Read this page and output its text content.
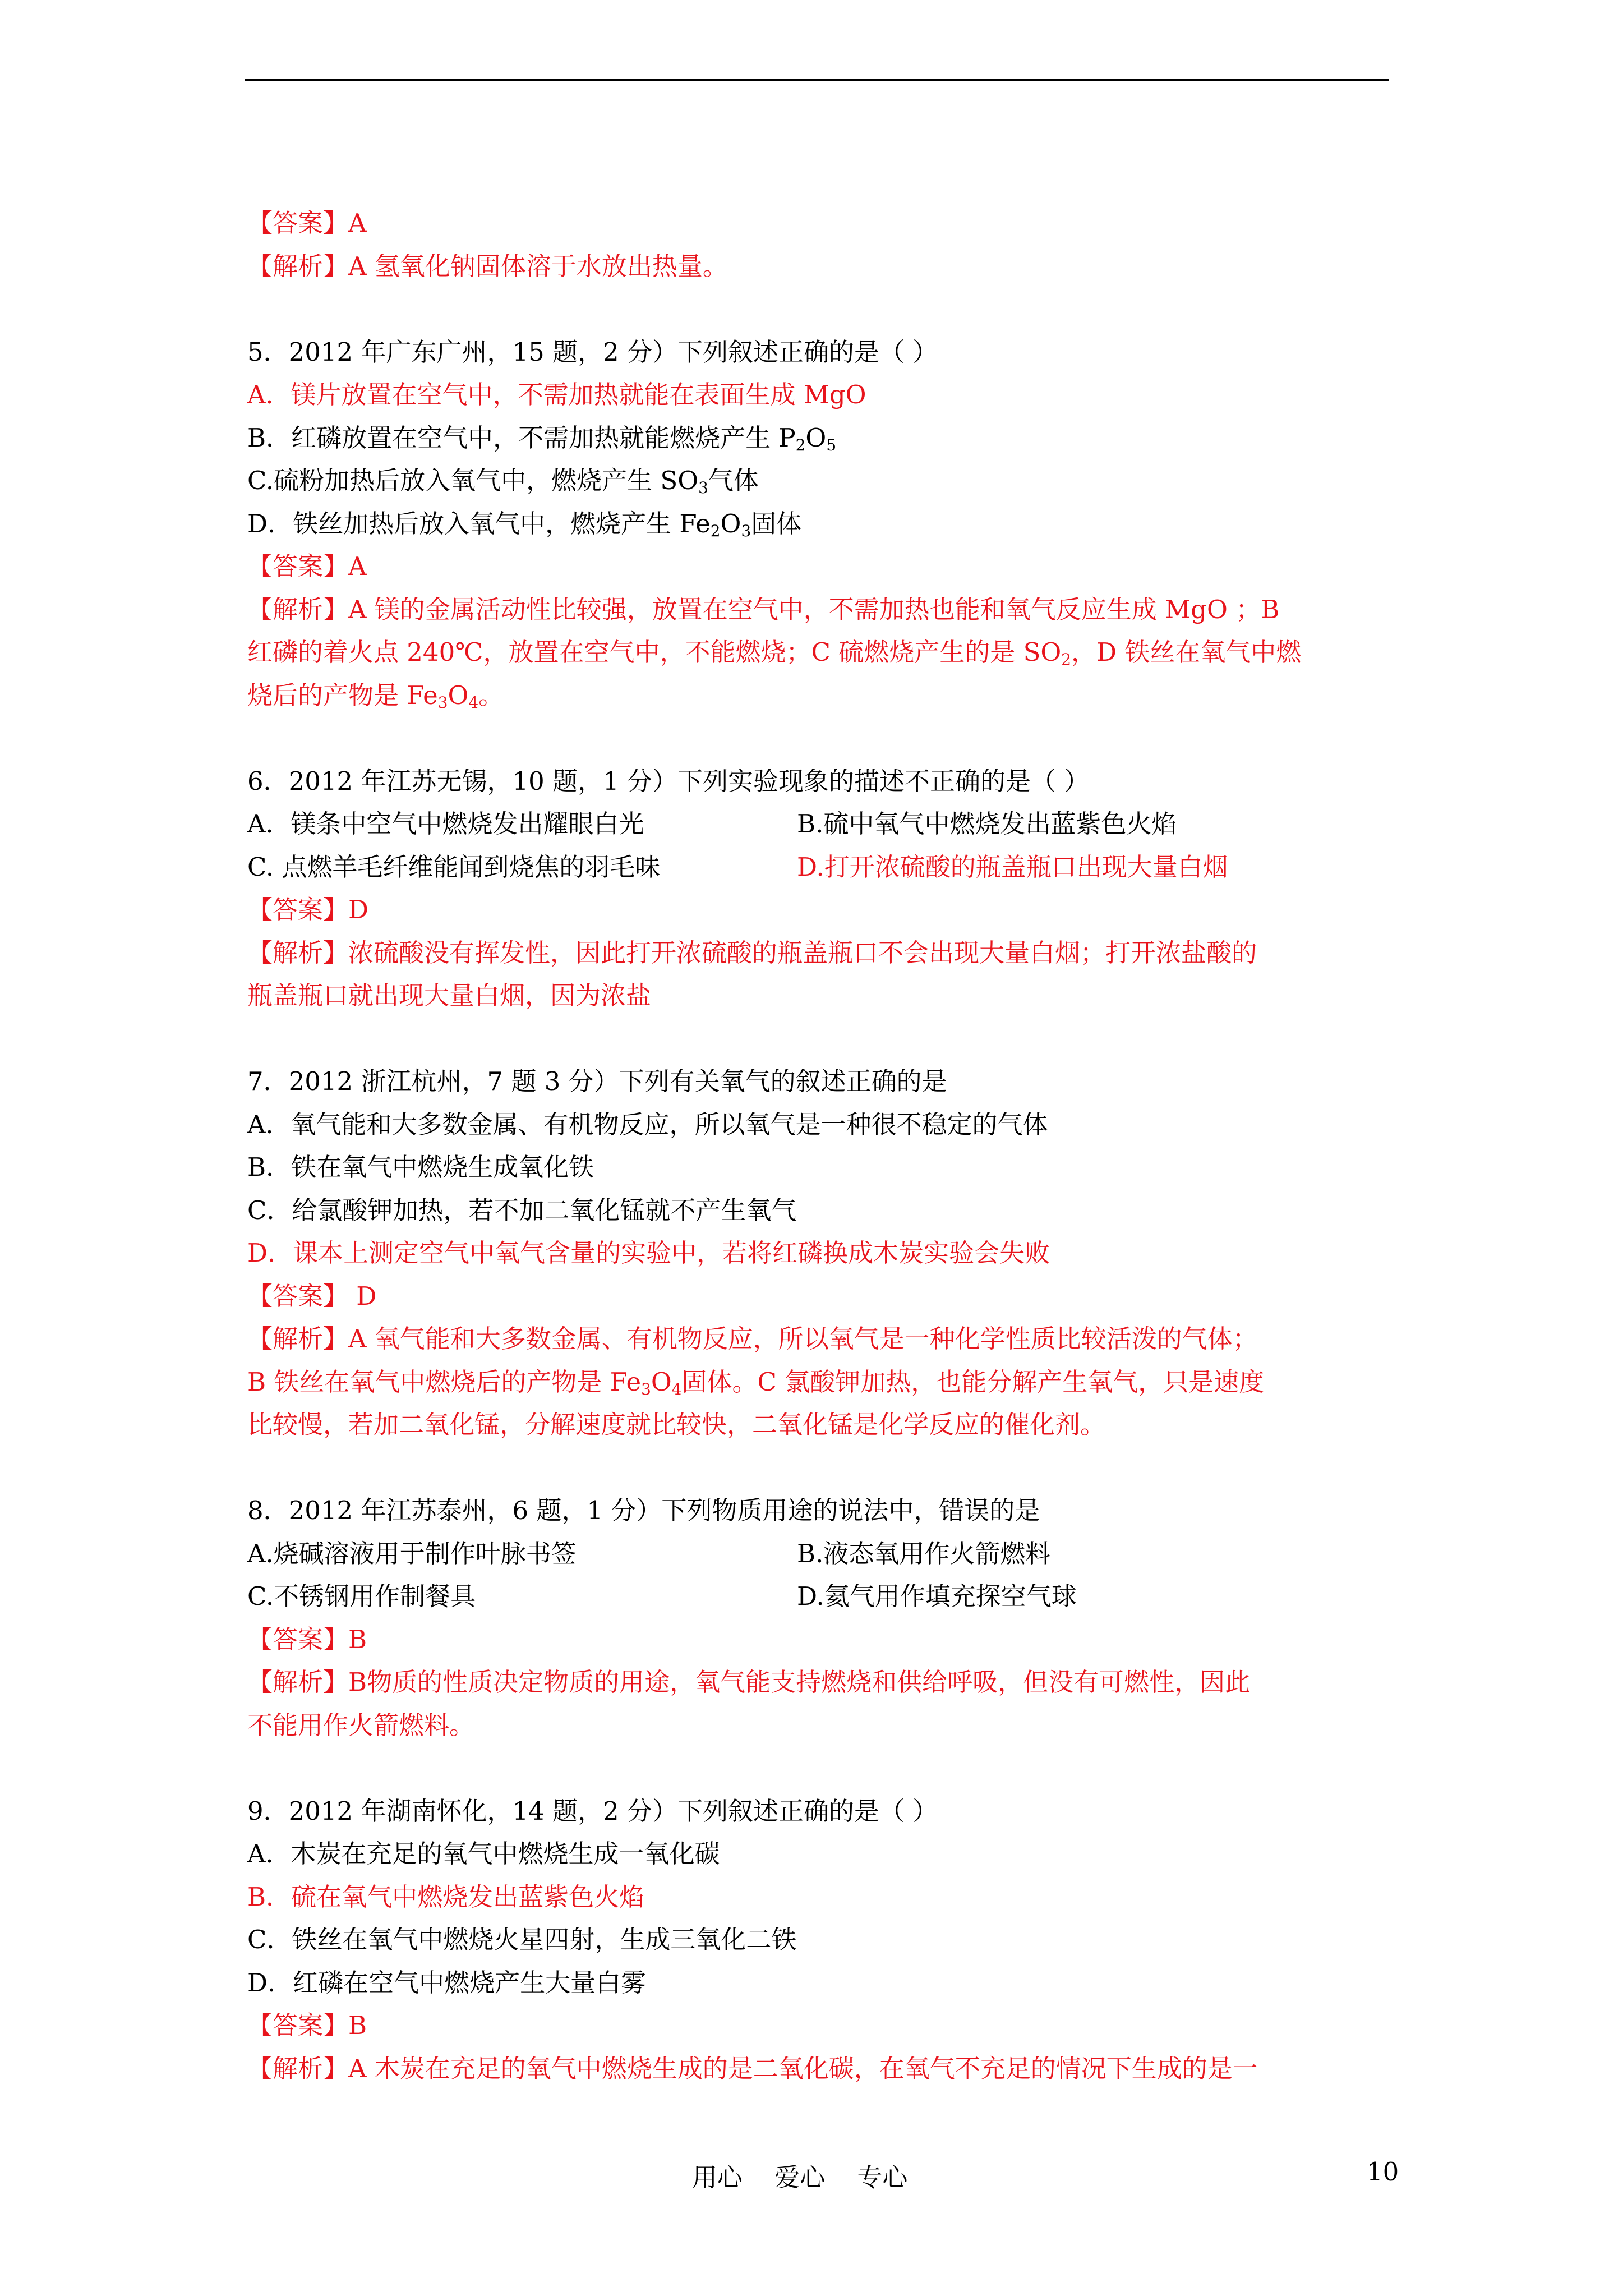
【答案】A
【解析】A 氢氧化钠固体溶于水放出热量。
5．2012 年广东广州，15 题，2 分）下列叙述正确的是（ ）
A．镁片放置在空气中，不需加热就能在表面生成 MgO
B．红磷放置在空气中，不需加热就能燃烧产生 $P_2O_5$
C.硫粉加热后放入氧气中，燃烧产生 $SO_3$气体
D．铁丝加热后放入氧气中，燃烧产生 $Fe_2O_3$固体
【答案】A
【解析】A 镁的金属活动性比较强，放置在空气中，不需加热也能和氧气反应生成 MgO ；B
红磷的着火点 240℃，放置在空气中，不能燃烧；C 硫燃烧产生的是 $SO_2$，D 铁丝在氧气中燃
烧后的产物是 $Fe_3O_4$。
6．2012 年江苏无锡，10 题，1 分）下列实验现象的描述不正确的是（ ）
A．镁条中空气中燃烧发出耀眼白光	B.硫中氧气中燃烧发出蓝紫色火焰
C. 点燃羊毛纤维能闻到烧焦的羽毛味	D.打开浓硫酸的瓶盖瓶口出现大量白烟
【答案】D
【解析】浓硫酸没有挥发性，因此打开浓硫酸的瓶盖瓶口不会出现大量白烟；打开浓盐酸的
瓶盖瓶口就出现大量白烟，因为浓盐
7．2012 浙江杭州，7 题 3 分）下列有关氧气的叙述正确的是
A．氧气能和大多数金属、有机物反应，所以氧气是一种很不稳定的气体
B．铁在氧气中燃烧生成氧化铁
C．给氯酸钾加热，若不加二氧化锰就不产生氧气
D．课本上测定空气中氧气含量的实验中，若将红磷换成木炭实验会失败
【答案】 D
【解析】A 氧气能和大多数金属、有机物反应，所以氧气是一种化学性质比较活泼的气体；
B 铁丝在氧气中燃烧后的产物是 $Fe_3O_4$固体。C 氯酸钾加热，也能分解产生氧气，只是速度
比较慢，若加二氧化锰，分解速度就比较快，二氧化锰是化学反应的催化剂。
8．2012 年江苏泰州，6 题，1 分）下列物质用途的说法中，错误的是
A.烧碱溶液用于制作叶脉书签	B.液态氧用作火箭燃料
C.不锈钢用作制餐具	D.氦气用作填充探空气球
【答案】B
【解析】B物质的性质决定物质的用途，氧气能支持燃烧和供给呼吸，但没有可燃性，因此
不能用作火箭燃料。
9．2012 年湖南怀化，14 题，2 分）下列叙述正确的是（ ）
A．木炭在充足的氧气中燃烧生成一氧化碳
B．硫在氧气中燃烧发出蓝紫色火焰
C．铁丝在氧气中燃烧火星四射，生成三氧化二铁
D．红磷在空气中燃烧产生大量白雾
【答案】B
【解析】A 木炭在充足的氧气中燃烧生成的是二氧化碳，在氧气不充足的情况下生成的是一
用心    爱心    专心	10
